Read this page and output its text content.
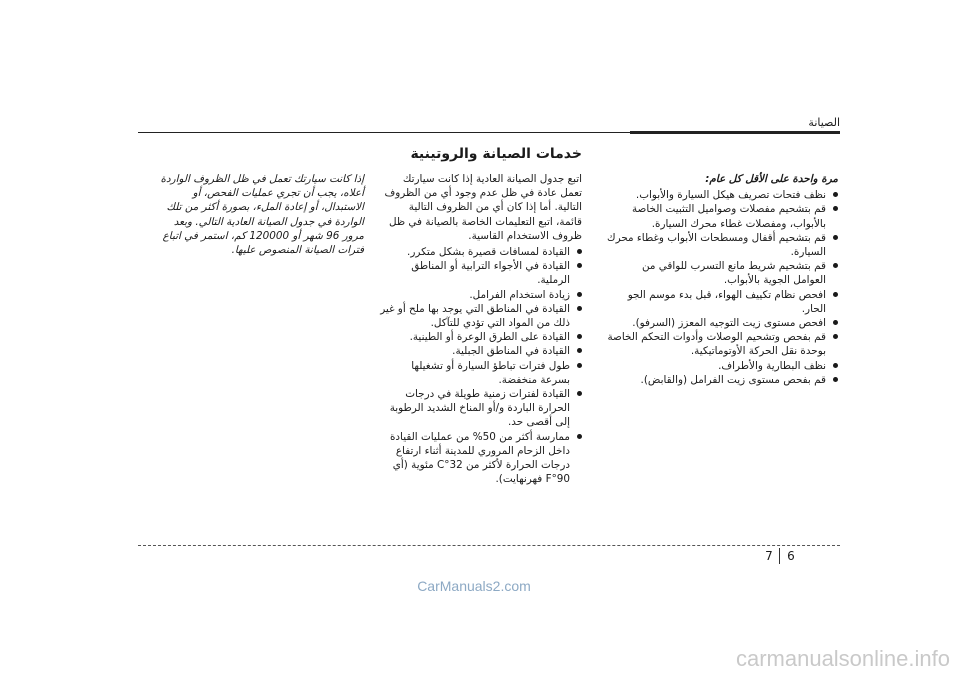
الصيانة
خدمات الصيانة والروتينية

مرة واحدة على الأقل كل عام:

نظف فتحات تصريف هيكل السيارة والأبواب.
قم بتشحيم مفصلات وصواميل التثبيت الخاصة بالأبواب، ومفصلات غطاء محرك السيارة.
قم بتشحيم أقفال ومسطحات الأبواب وغطاء محرك السيارة.
قم بتشحيم شريط مانع التسرب للواقي من العوامل الجوية بالأبواب.
افحص نظام تكييف الهواء، قبل بدء موسم الجو الحار.
افحص مستوى زيت التوجيه المعزز (السرفو).
قم بفحص وتشحيم الوصلات وأدوات التحكم الخاصة بوحدة نقل الحركة الأوتوماتيكية.
نظف البطارية والأطراف.
قم بفحص مستوى زيت الفرامل (والقابض).

اتبع جدول الصيانة العادية إذا كانت سيارتك تعمل عادة في ظل عدم وجود أي من الظروف التالية. أما إذا كان أي من الظروف التالية قائمة، اتبع التعليمات الخاصة بالصيانة في ظل ظروف الاستخدام القاسية.

القيادة لمسافات قصيرة بشكل متكرر.
القيادة في الأجواء الترابية أو المناطق الرملية.
زيادة استخدام الفرامل.
القيادة في المناطق التي يوجد بها ملح أو غير ذلك من المواد التي تؤدي للتآكل.
القيادة على الطرق الوعرة أو الطينية.
القيادة في المناطق الجبلية.
طول فترات تباطؤ السيارة أو تشغيلها بسرعة منخفضة.
القيادة لفترات زمنية طويلة في درجات الحرارة الباردة و/أو المناخ الشديد الرطوبة إلى أقصى حد.
ممارسة أكثر من 50% من عمليات القيادة داخل الزحام المروري للمدينة أثناء ارتفاع درجات الحرارة لأكثر من 32°C مئوية (أي 90°F فهرنهايت).

إذا كانت سيارتك تعمل في ظل الظروف الواردة أعلاه، يجب أن تجري عمليات الفحص، أو الاستبدال، أو إعادة الملء، بصورة أكثر من تلك الواردة في جدول الصيانة العادية التالي. وبعد مرور 96 شهر أو 120000 كم، استمر في اتباع فترات الصيانة المنصوص عليها.

7	6
CarManuals2.com
carmanualsonline.info
